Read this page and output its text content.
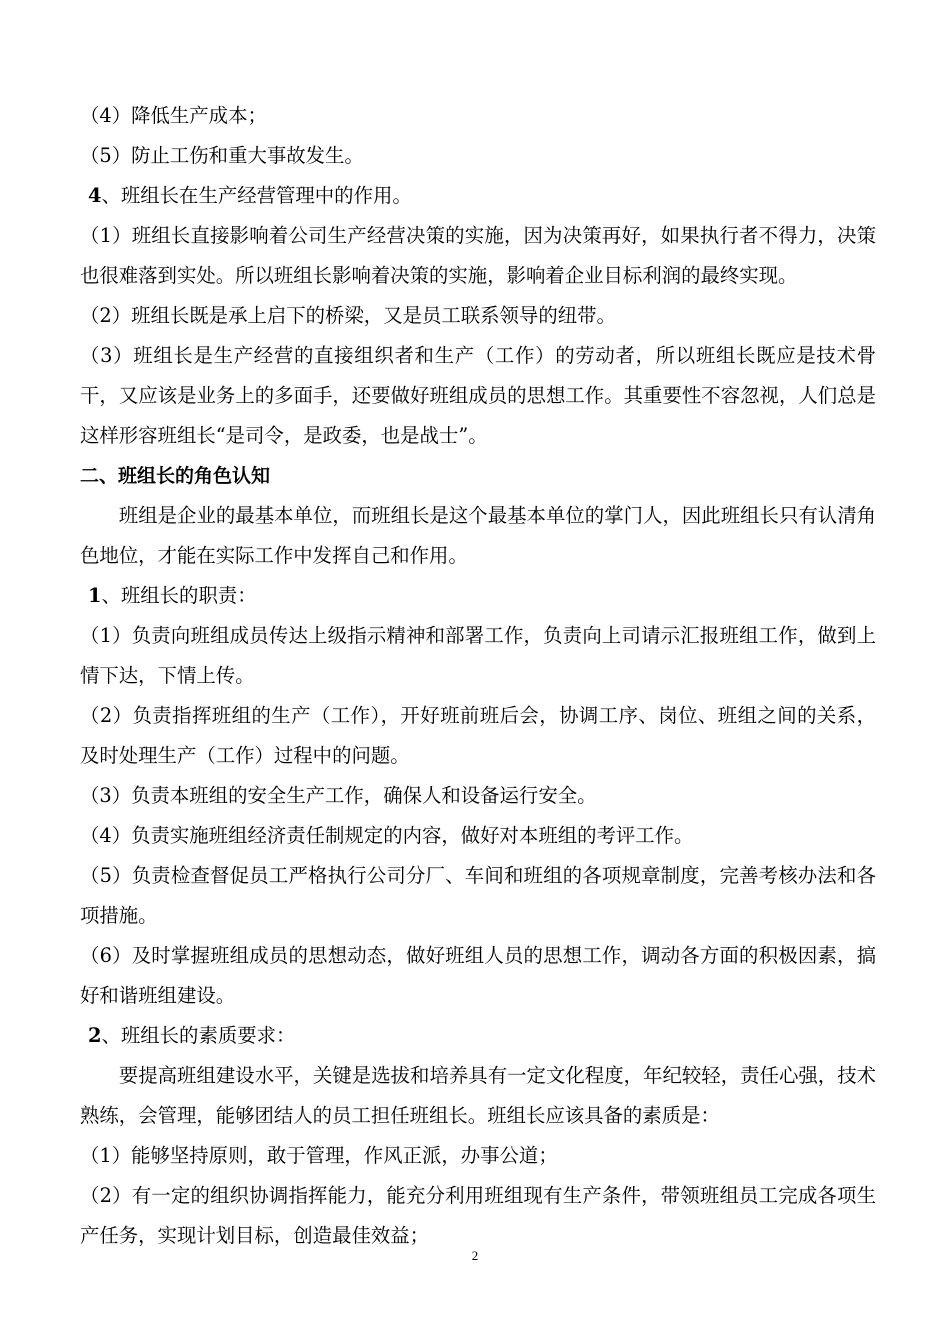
（4）降低生产成本；

（5）防止工伤和重大事故发生。

4、班组长在生产经营管理中的作用。

（1）班组长直接影响着公司生产经营决策的实施，因为决策再好，如果执行者不得力，决策也很难落到实处。所以班组长影响着决策的实施，影响着企业目标利润的最终实现。

（2）班组长既是承上启下的桥梁，又是员工联系领导的纽带。

（3）班组长是生产经营的直接组织者和生产（工作）的劳动者，所以班组长既应是技术骨干，又应该是业务上的多面手，还要做好班组成员的思想工作。其重要性不容忽视，人们总是这样形容班组长“是司令，是政委，也是战士”。

二、班组长的角色认知

班组是企业的最基本单位，而班组长是这个最基本单位的掌门人，因此班组长只有认清角色地位，才能在实际工作中发挥自己和作用。

1、班组长的职责：

（1）负责向班组成员传达上级指示精神和部署工作，负责向上司请示汇报班组工作，做到上情下达，下情上传。

（2）负责指挥班组的生产（工作），开好班前班后会，协调工序、岗位、班组之间的关系，及时处理生产（工作）过程中的问题。

（3）负责本班组的安全生产工作，确保人和设备运行安全。

（4）负责实施班组经济责任制规定的内容，做好对本班组的考评工作。

（5）负责检查督促员工严格执行公司分厂、车间和班组的各项规章制度，完善考核办法和各项措施。

（6）及时掌握班组成员的思想动态，做好班组人员的思想工作，调动各方面的积极因素，搞好和谐班组建设。

2、班组长的素质要求：

要提高班组建设水平，关键是选拔和培养具有一定文化程度，年纪较轻，责任心强，技术熟练，会管理，能够团结人的员工担任班组长。班组长应该具备的素质是：

（1）能够坚持原则，敢于管理，作风正派，办事公道；

（2）有一定的组织协调指挥能力，能充分利用班组现有生产条件，带领班组员工完成各项生产任务，实现计划目标，创造最佳效益；

2
